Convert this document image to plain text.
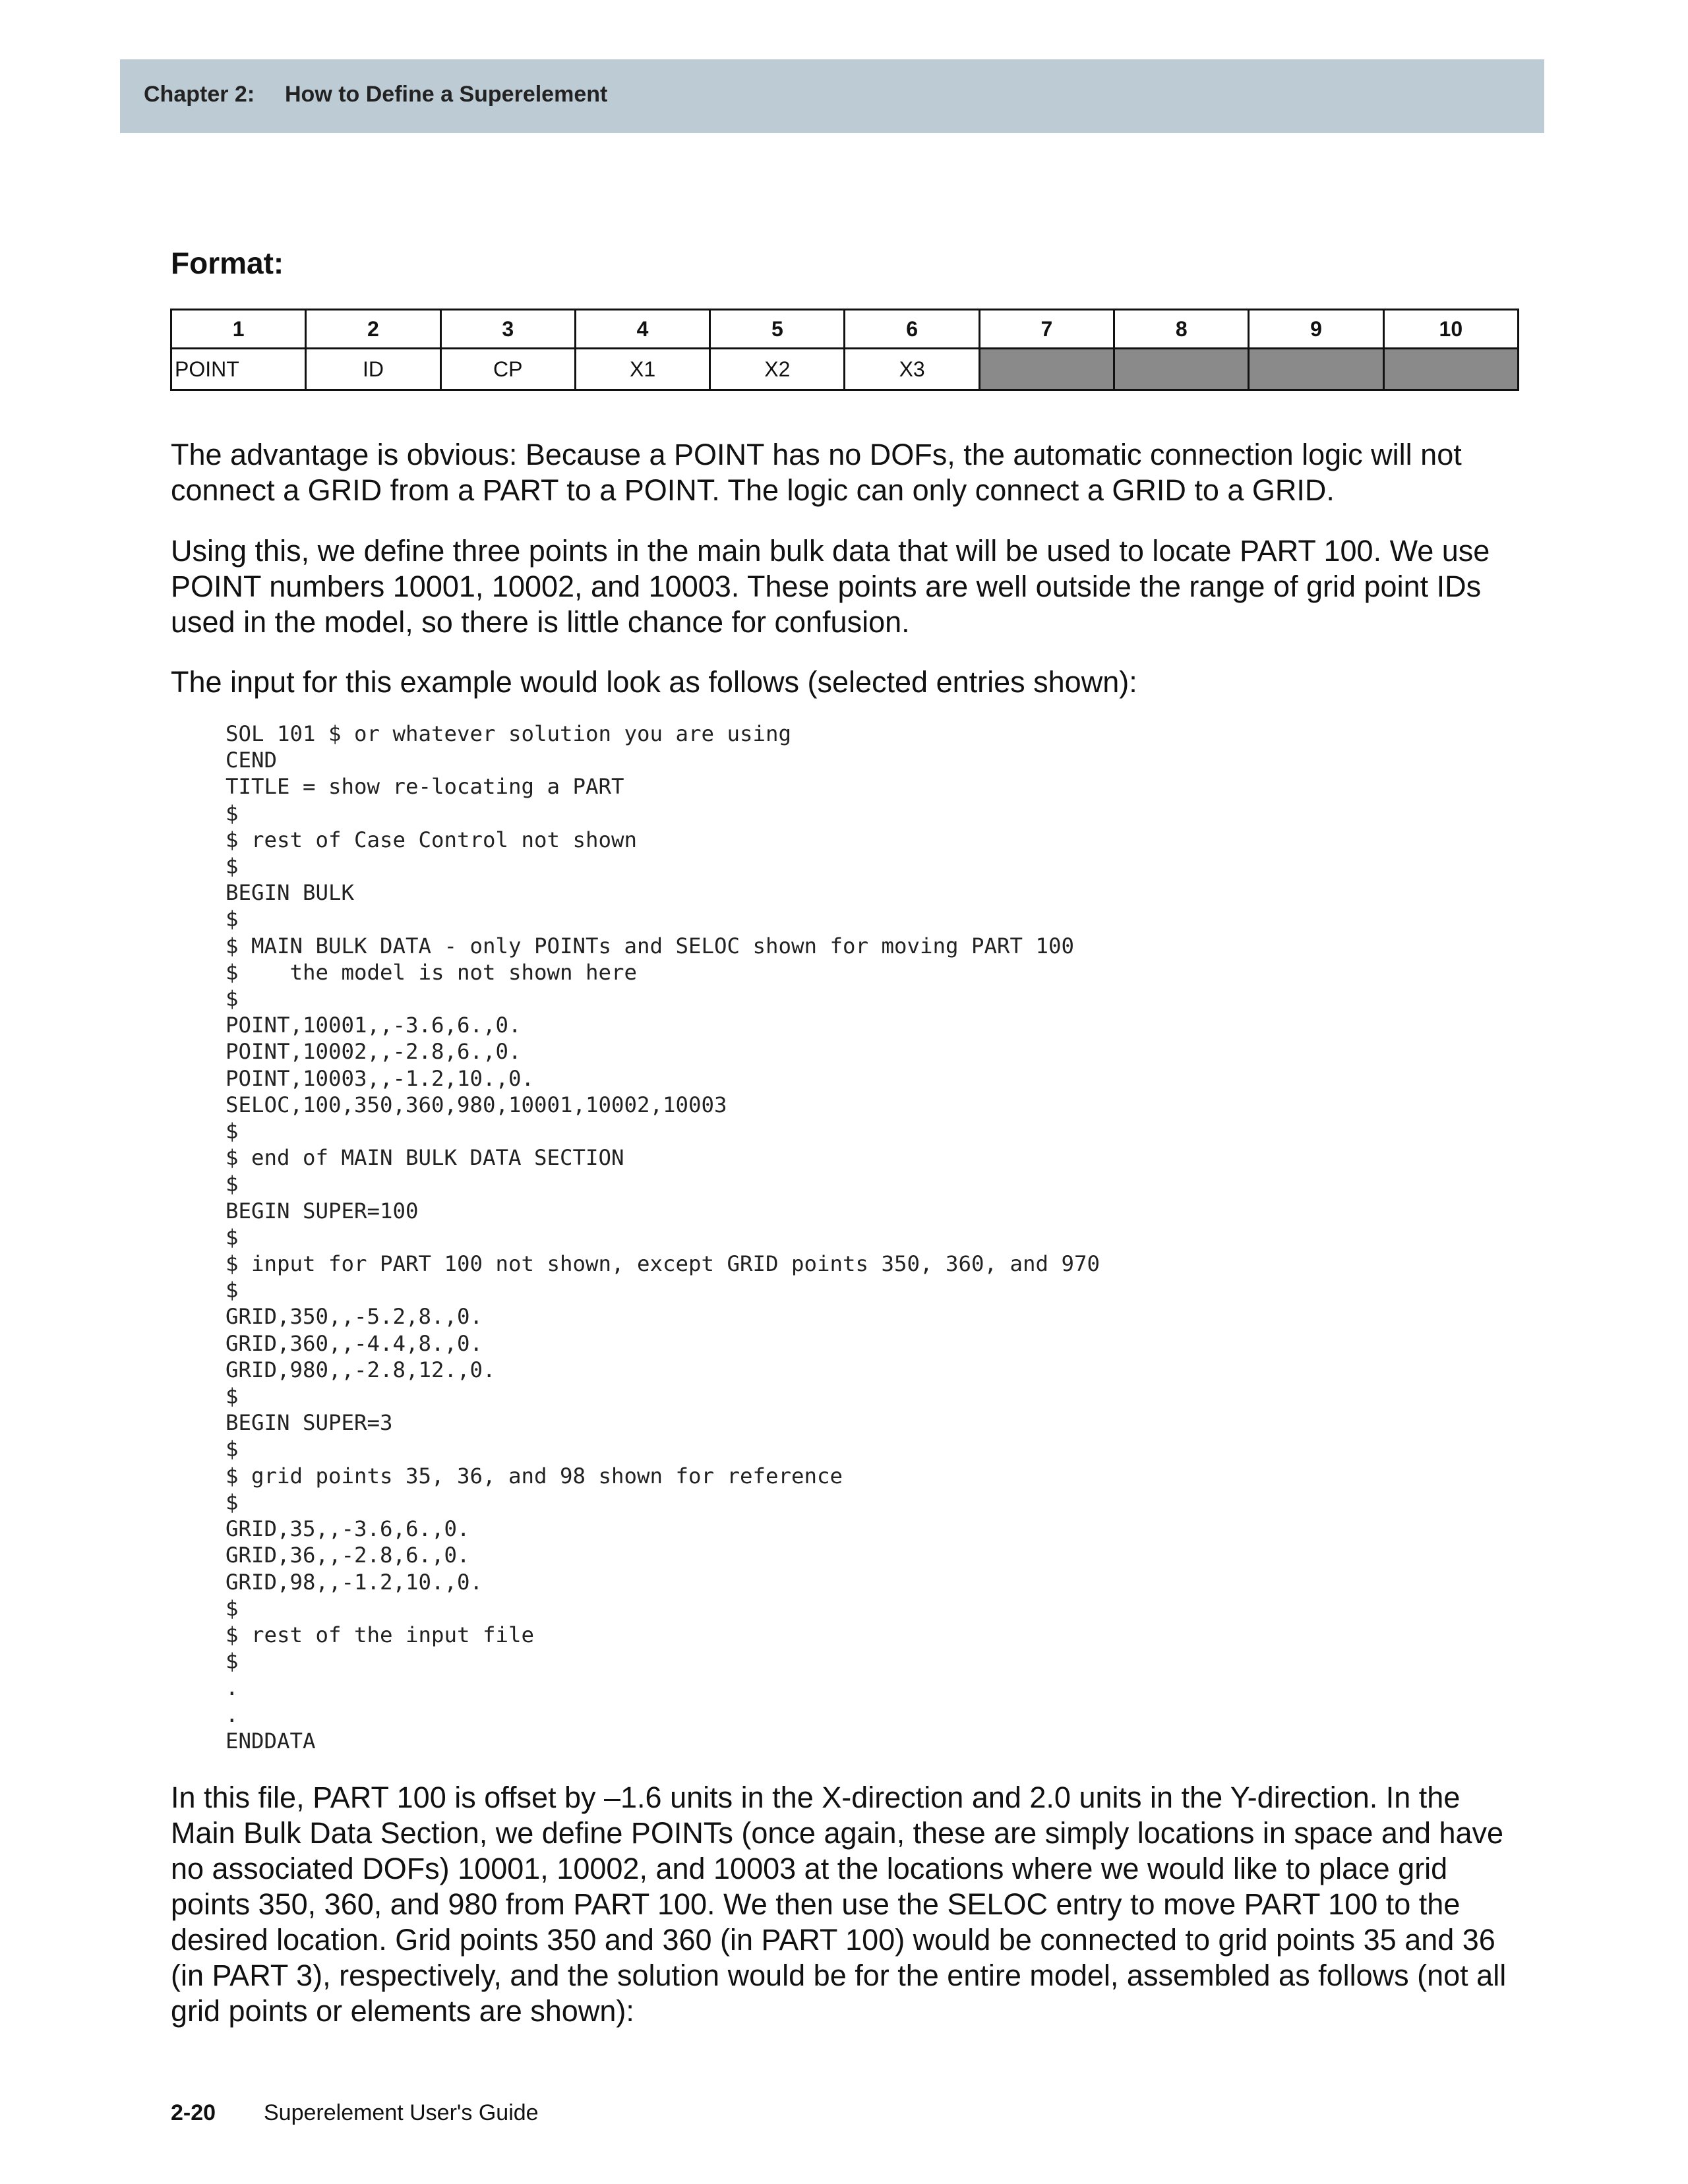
Chapter 2: How to Define a Superelement
Format:
1	2	3	4	5	6	7	8	9	10
POINT	ID	CP	X1	X2	X3				

The advantage is obvious: Because a POINT has no DOFs, the automatic connection logic will not connect a GRID from a PART to a POINT. The logic can only connect a GRID to a GRID.

Using this, we define three points in the main bulk data that will be used to locate PART 100. We use POINT numbers 10001, 10002, and 10003. These points are well outside the range of grid point IDs used in the model, so there is little chance for confusion.

The input for this example would look as follows (selected entries shown):

SOL 101 $ or whatever solution you are using
CEND
TITLE = show re-locating a PART
$
$ rest of Case Control not shown
$
BEGIN BULK
$
$ MAIN BULK DATA - only POINTs and SELOC shown for moving PART 100
$    the model is not shown here
$
POINT,10001,,-3.6,6.,0.
POINT,10002,,-2.8,6.,0.
POINT,10003,,-1.2,10.,0.
SELOC,100,350,360,980,10001,10002,10003
$
$ end of MAIN BULK DATA SECTION
$
BEGIN SUPER=100
$
$ input for PART 100 not shown, except GRID points 350, 360, and 970
$
GRID,350,,-5.2,8.,0.
GRID,360,,-4.4,8.,0.
GRID,980,,-2.8,12.,0.
$
BEGIN SUPER=3
$
$ grid points 35, 36, and 98 shown for reference
$
GRID,35,,-3.6,6.,0.
GRID,36,,-2.8,6.,0.
GRID,98,,-1.2,10.,0.
$
$ rest of the input file
$
.
.
ENDDATA

In this file, PART 100 is offset by –1.6 units in the X-direction and 2.0 units in the Y-direction. In the Main Bulk Data Section, we define POINTs (once again, these are simply locations in space and have no associated DOFs) 10001, 10002, and 10003 at the locations where we would like to place grid points 350, 360, and 980 from PART 100. We then use the SELOC entry to move PART 100 to the desired location. Grid points 350 and 360 (in PART 100) would be connected to grid points 35 and 36 (in PART 3), respectively, and the solution would be for the entire model, assembled as follows (not all grid points or elements are shown):

2-20 Superelement User's Guide
